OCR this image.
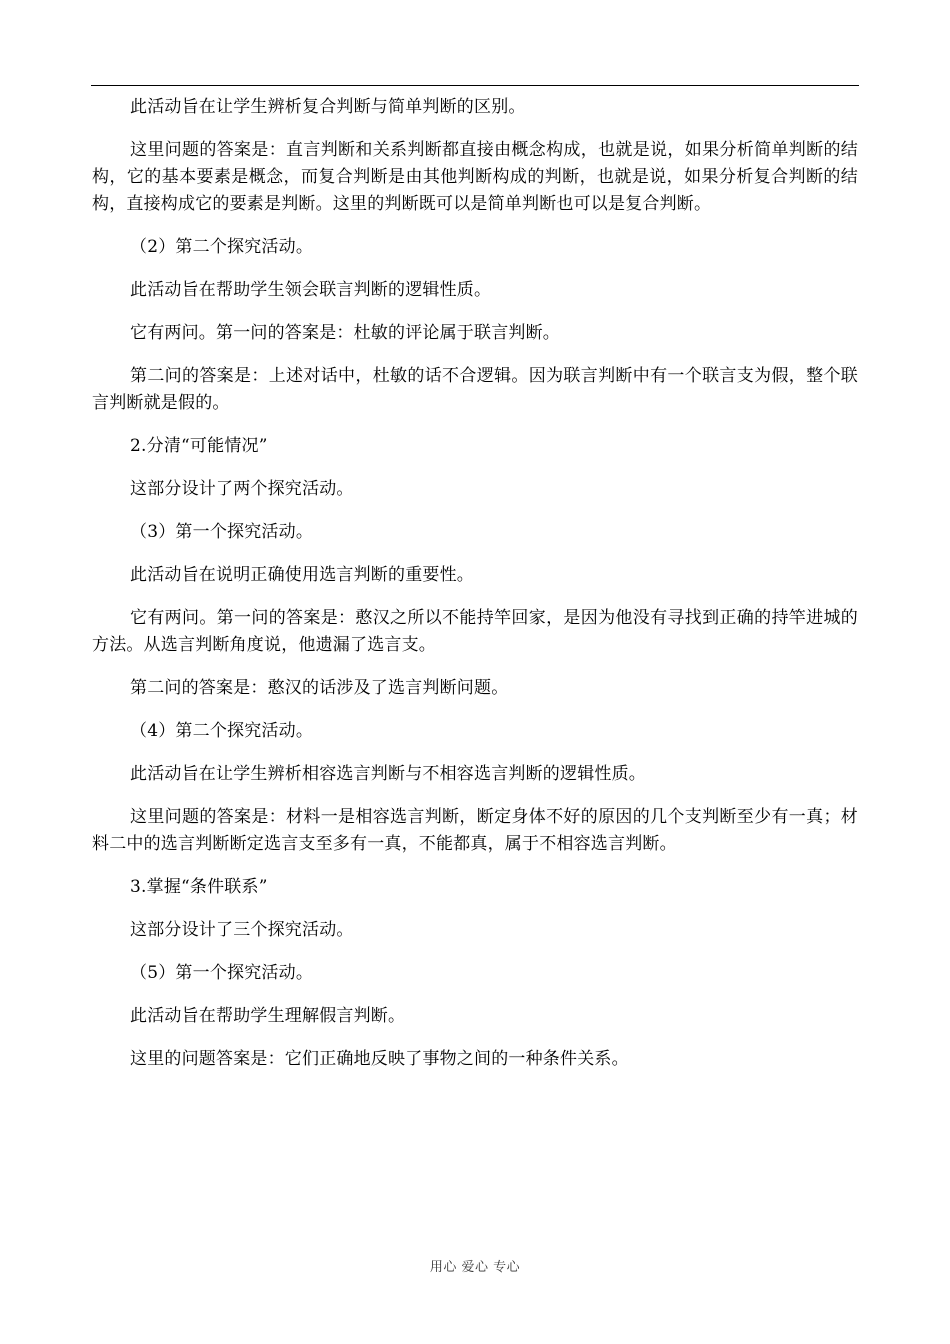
此活动旨在让学生辨析复合判断与简单判断的区别。

这里问题的答案是：直言判断和关系判断都直接由概念构成，也就是说，如果分析简单判断的结构，它的基本要素是概念，而复合判断是由其他判断构成的判断，也就是说，如果分析复合判断的结构，直接构成它的要素是判断。这里的判断既可以是简单判断也可以是复合判断。

（2）第二个探究活动。

此活动旨在帮助学生领会联言判断的逻辑性质。

它有两问。第一问的答案是：杜敏的评论属于联言判断。

第二问的答案是：上述对话中，杜敏的话不合逻辑。因为联言判断中有一个联言支为假，整个联言判断就是假的。

2.分清“可能情况”

这部分设计了两个探究活动。

（3）第一个探究活动。

此活动旨在说明正确使用选言判断的重要性。

它有两问。第一问的答案是：憨汉之所以不能持竿回家，是因为他没有寻找到正确的持竿进城的方法。从选言判断角度说，他遗漏了选言支。

第二问的答案是：憨汉的话涉及了选言判断问题。

（4）第二个探究活动。

此活动旨在让学生辨析相容选言判断与不相容选言判断的逻辑性质。

这里问题的答案是：材料一是相容选言判断，断定身体不好的原因的几个支判断至少有一真；材料二中的选言判断断定选言支至多有一真，不能都真，属于不相容选言判断。

3.掌握“条件联系”

这部分设计了三个探究活动。

（5）第一个探究活动。

此活动旨在帮助学生理解假言判断。

这里的问题答案是：它们正确地反映了事物之间的一种条件关系。

用心 爱心 专心
